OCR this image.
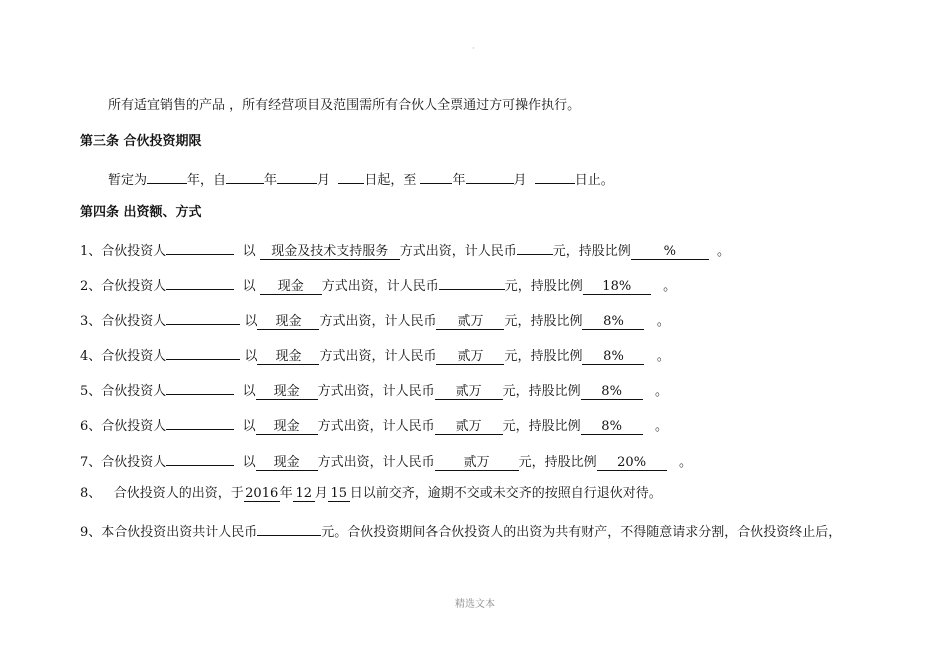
·
所有适宜销售的产品 ，所有经营项目及范围需所有合伙人全票通过方可操作执行。
第三条 合伙投资期限
暂定为	年，自	年	月	日起，至	年	月	日止。
第四条 出资额、方式
1、合伙投资人	以 现金及技术支持服务 方式出资，计人民币	元，持股比例	%	。
2、合伙投资人	以 现金 方式出资，计人民币	元，持股比例 18% 。
3、合伙投资人	以 现金 方式出资，计人民币 贰万 元，持股比例 8%	。
4、合伙投资人	以 现金 方式出资，计人民币 贰万 元，持股比例 8%	。
5、合伙投资人	以 现金 方式出资，计人民币 贰万 元，持股比例 8%	。
6、合伙投资人	以 现金 方式出资，计人民币 贰万 元，持股比例 8%	。
7、合伙投资人	以 现金 方式出资，计人民币 贰万 元，持股比例 20%	。
8、 合伙投资人的出资，于2016年 12 月 15 日以前交齐，逾期不交或未交齐的按照自行退伙对待。
9、本合伙投资出资共计人民币	元。合伙投资期间各合伙投资人的出资为共有财产，不得随意请求分割，合伙投资终止后，
精选文本
